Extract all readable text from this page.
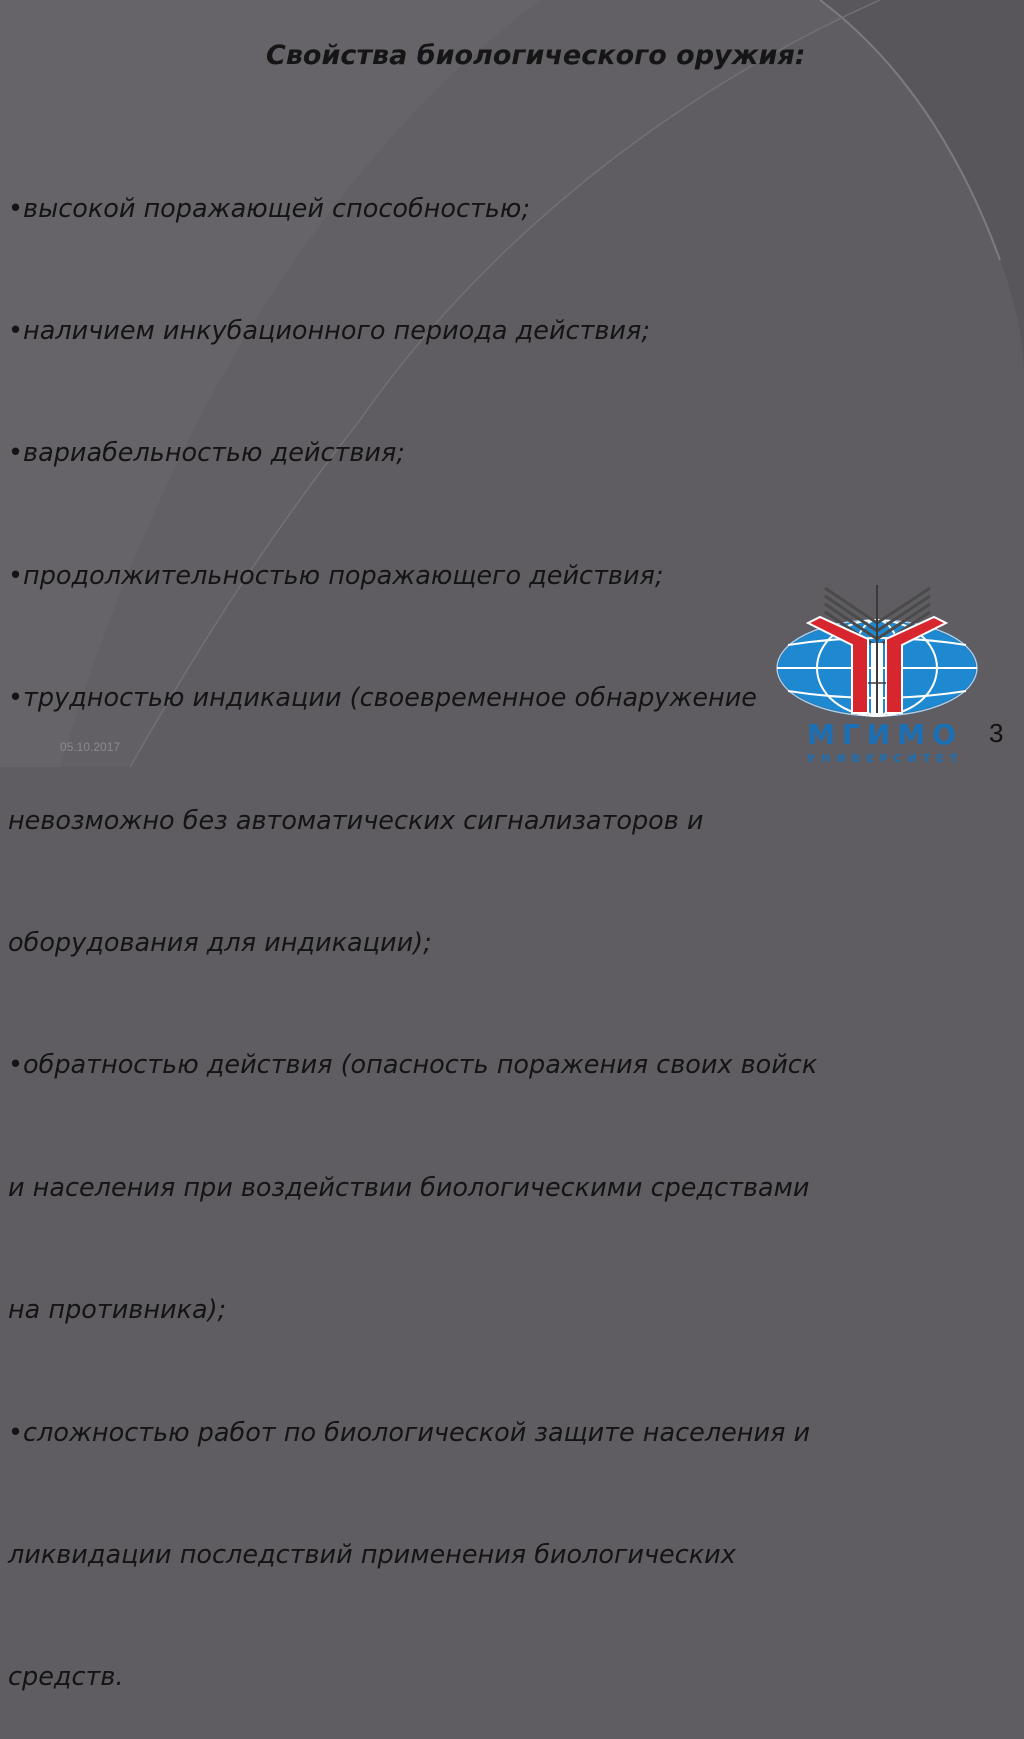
Свойства биологического оружия:

•высокой поражающей способностью;

•наличием инкубационного периода действия;

•вариабельностью действия;

•продолжительностью поражающего действия;

•трудностью индикации (своевременное обнаружение

невозможно без автоматических сигнализаторов и

оборудования для индикации);

•обратностью действия (опасность поражения своих войск

и населения при воздействии биологическими средствами

на противника);

•сложностью работ по биологической защите населения и

ликвидации последствий применения биологических

средств.

МГИМО
УНИВЕРСИТЕТ
05.10.2017	3
